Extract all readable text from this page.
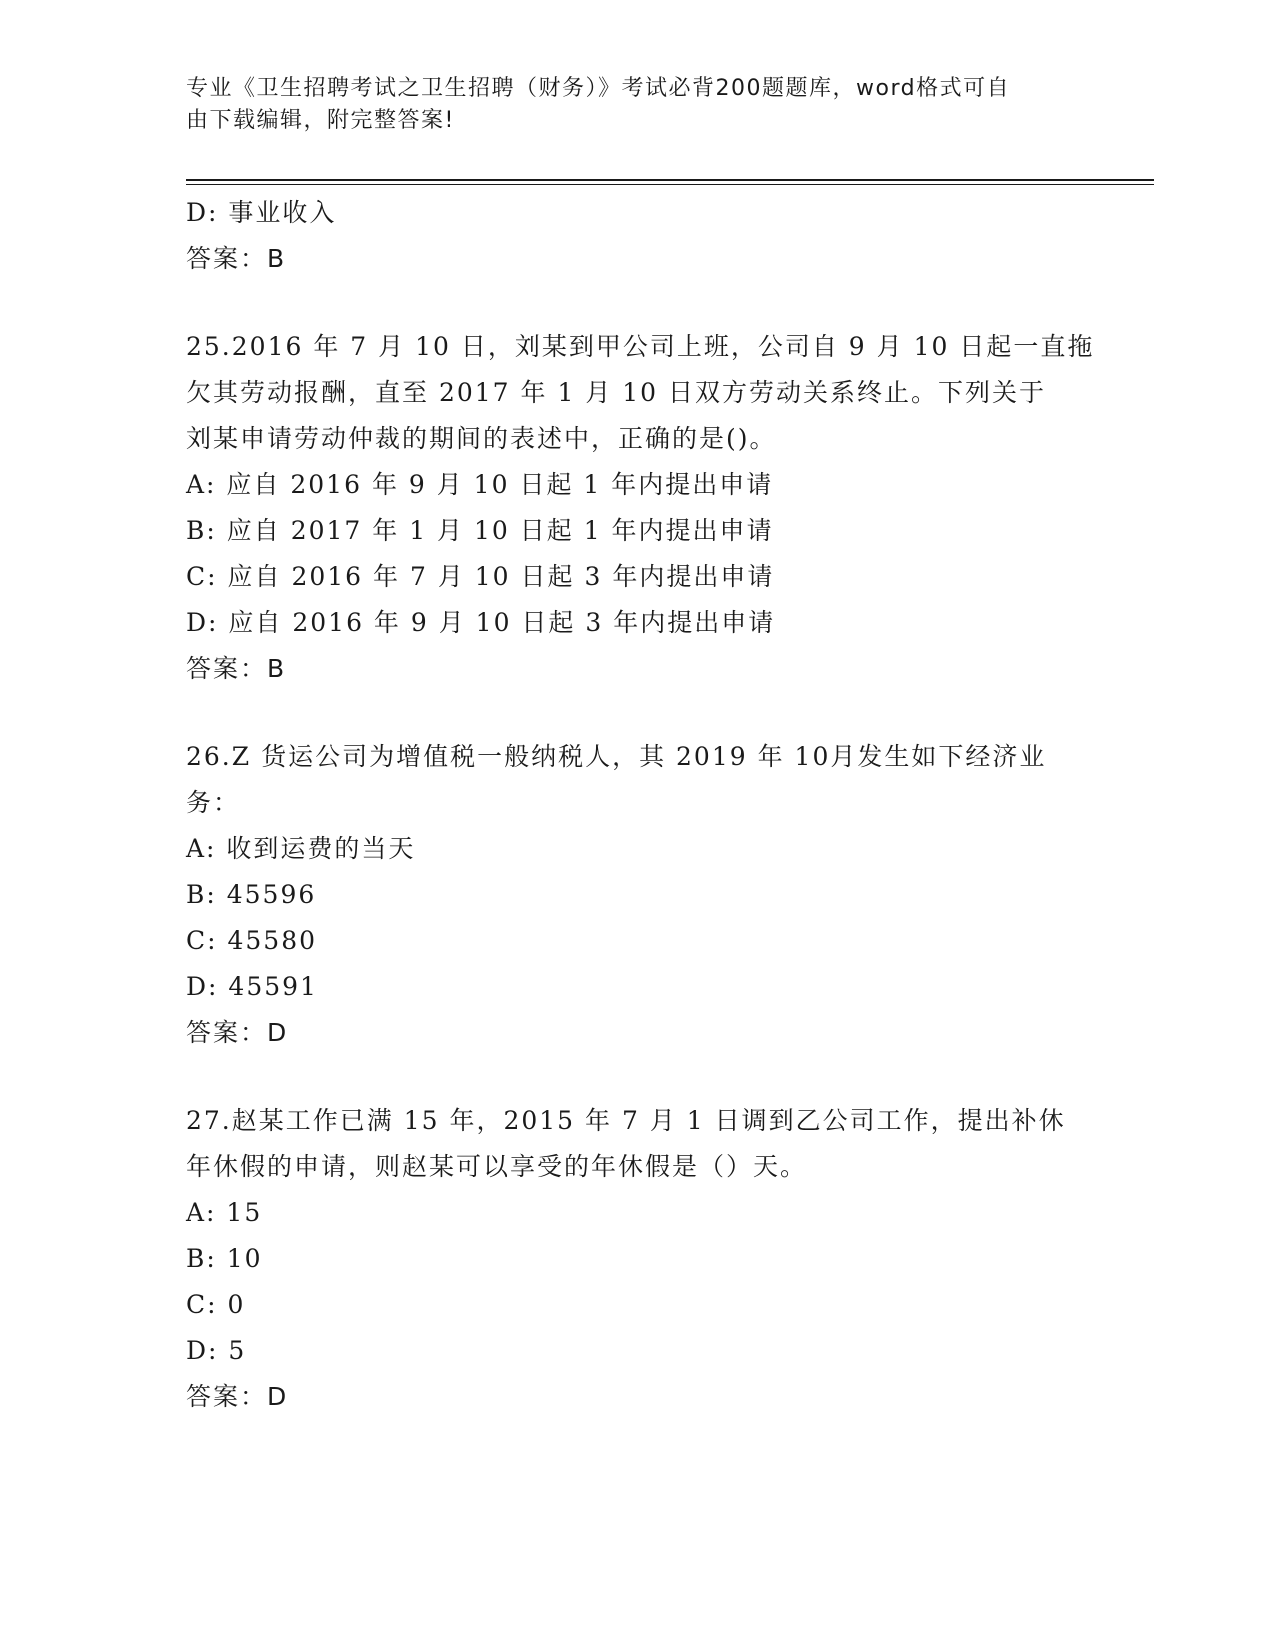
专业《卫生招聘考试之卫生招聘（财务）》考试必背200题题库，word格式可自
由下载编辑，附完整答案!
D: 事业收入
答案：B
25.2016 年 7 月 10 日，刘某到甲公司上班，公司自 9 月 10 日起一直拖
欠其劳动报酬，直至 2017 年 1 月 10 日双方劳动关系终止。下列关于
刘某申请劳动仲裁的期间的表述中，正确的是()。
A: 应自 2016 年 9 月 10 日起 1 年内提出申请
B: 应自 2017 年 1 月 10 日起 1 年内提出申请
C: 应自 2016 年 7 月 10 日起 3 年内提出申请
D: 应自 2016 年 9 月 10 日起 3 年内提出申请
答案：B
26.Z 货运公司为增值税一般纳税人，其 2019 年 10月发生如下经济业
务：
A: 收到运费的当天
B: 45596
C: 45580
D: 45591
答案：D
27.赵某工作已满 15 年，2015 年 7 月 1 日调到乙公司工作，提出补休
年休假的申请，则赵某可以享受的年休假是（）天。
A: 15
B: 10
C: 0
D: 5
答案：D
